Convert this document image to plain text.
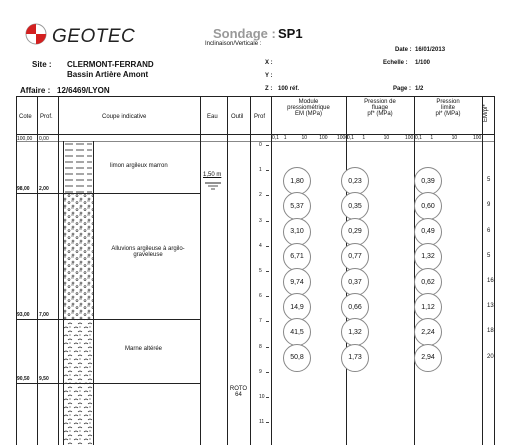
GEOTEC	Sondage : SP1
Inclinaison/Verticale :
Date : 16/01/2013
Echelle : 1/100
Page : 1/2
X :
Y :
Z : 100 réf.
Site : CLERMONT-FERRAND
Bassin Artière Amont
Affaire : 12/6469/LYON
Cote Prof.	Coupe indicative	Eau Outil Prof
Module
pressiométrique
EM (MPa)
Pression de
fluage
pf* (MPa)
Pression
limite
pl* (MPa)	EM/pl*
0,1 1	10 100 1000
0,1 1	10	100 0,1 1	10	100
100,00 0,00
98,00 2,00
limon argileux marron
93,00 7,00
Alluvions argileuse à argilo-
graveleuse
90,50 9,50
Marne altérée
1,50 m
ROTO
64
0
1
2
3
4
5
6
7
8
9
10
11
1,80	0,23	0,39	5
5,37	0,35	0,60	9
3,10	0,29	0,49	6
6,71	0,77	1,32	5
9,74	0,37	0,62	16
14,9	0,66	1,12	13
41,5	1,32	2,24	18
50,8	1,73	2,94	20
